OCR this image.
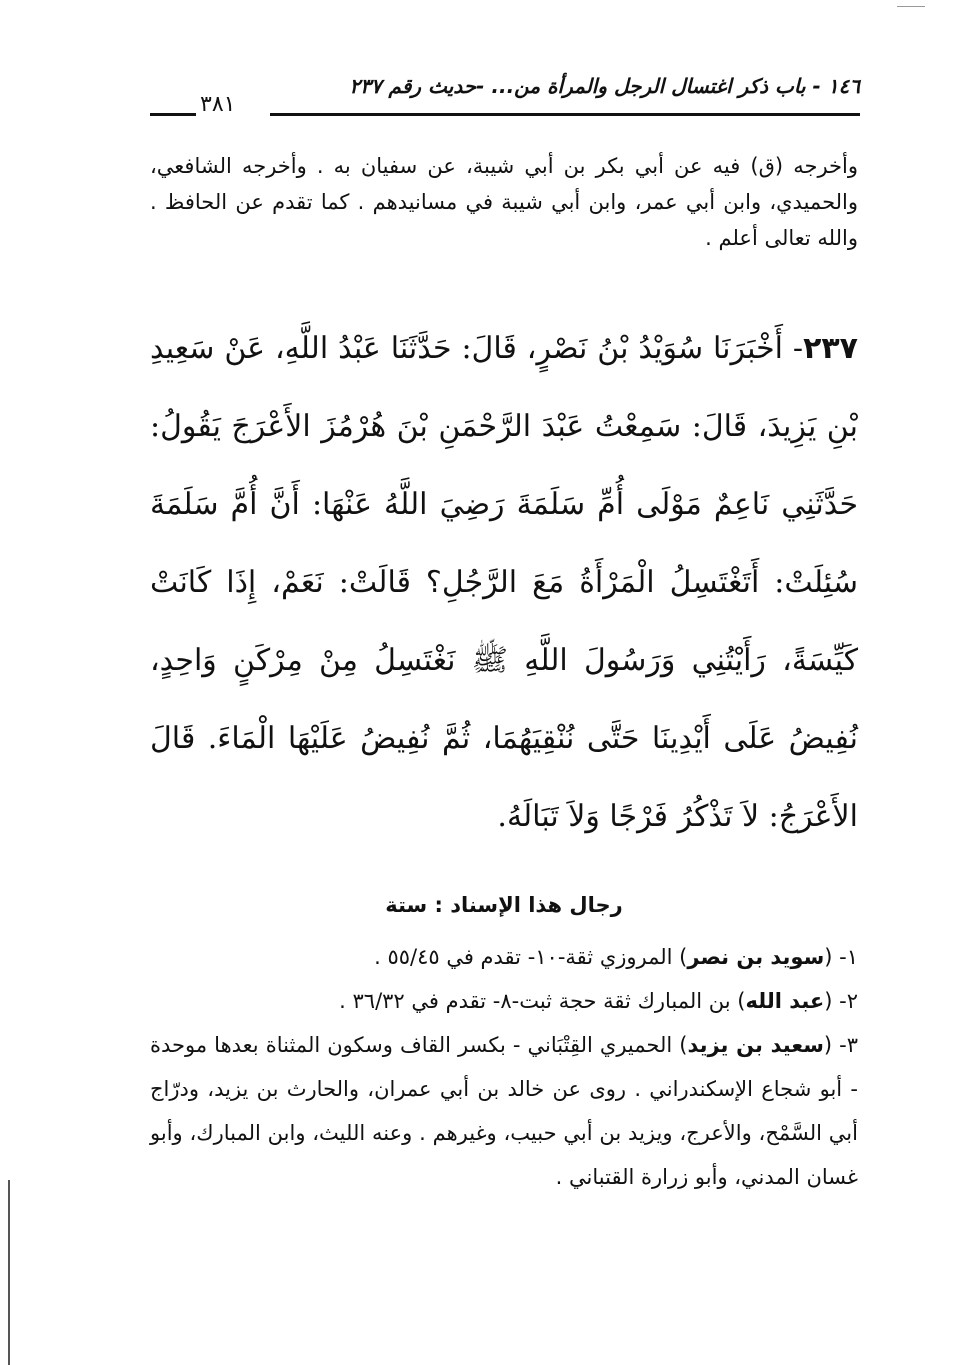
١٤٦ - باب ذكر اغتسال الرجل والمرأة من... -حديث رقم ٢٣٧
٣٨١
وأخرجه (ق) فيه عن أبي بكر بن أبي شيبة، عن سفيان به . وأخرجه الشافعي، والحميدي، وابن أبي عمر، وابن أبي شيبة في مسانيدهم . كما تقدم عن الحافظ . والله تعالى أعلم .
٢٣٧- أَخْبَرَنَا سُوَيْدُ بْنُ نَصْرٍ، قَالَ: حَدَّثَنَا عَبْدُ اللَّهِ، عَنْ سَعِيدِ بْنِ يَزِيدَ، قَالَ: سَمِعْتُ عَبْدَ الرَّحْمَنِ بْنَ هُرْمُزَ الأَعْرَجَ يَقُولُ: حَدَّثَنِي نَاعِمٌ مَوْلَى أُمِّ سَلَمَةَ رَضِيَ اللَّهُ عَنْهَا: أَنَّ أُمَّ سَلَمَةَ سُئِلَتْ: أَتَغْتَسِلُ الْمَرْأَةُ مَعَ الرَّجُلِ؟ قَالَتْ: نَعَمْ، إِذَا كَانَتْ كَيِّسَةً، رَأَيْتُنِي وَرَسُولَ اللَّهِ ﷺ نَغْتَسِلُ مِنْ مِرْكَنٍ وَاحِدٍ، نُفِيضُ عَلَى أَيْدِينَا حَتَّى نُنْقِيَهُمَا، ثُمَّ نُفِيضُ عَلَيْهَا الْمَاءَ. قَالَ الأَعْرَجُ: لاَ تَذْكُرُ فَرْجًا وَلاَ تَبَالَهُ.
رجال هذا الإسناد : ستة
١- (سويد بن نصر) المروزي ثقة-١٠- تقدم في ٥٥/٤٥ .
٢- (عبد الله) بن المبارك ثقة حجة ثبت-٨- تقدم في ٣٦/٣٢ .
٣- (سعيد بن يزيد) الحميري القِتْبَاني - بكسر القاف وسكون المثناة بعدها موحدة - أبو شجاع الإسكندراني . روى عن خالد بن أبي عمران، والحارث بن يزيد، ودرّاج أبي السَّمْح، والأعرج، ويزيد بن أبي حبيب، وغيرهم . وعنه الليث، وابن المبارك، وأبو غسان المدني، وأبو زرارة القتباني .
